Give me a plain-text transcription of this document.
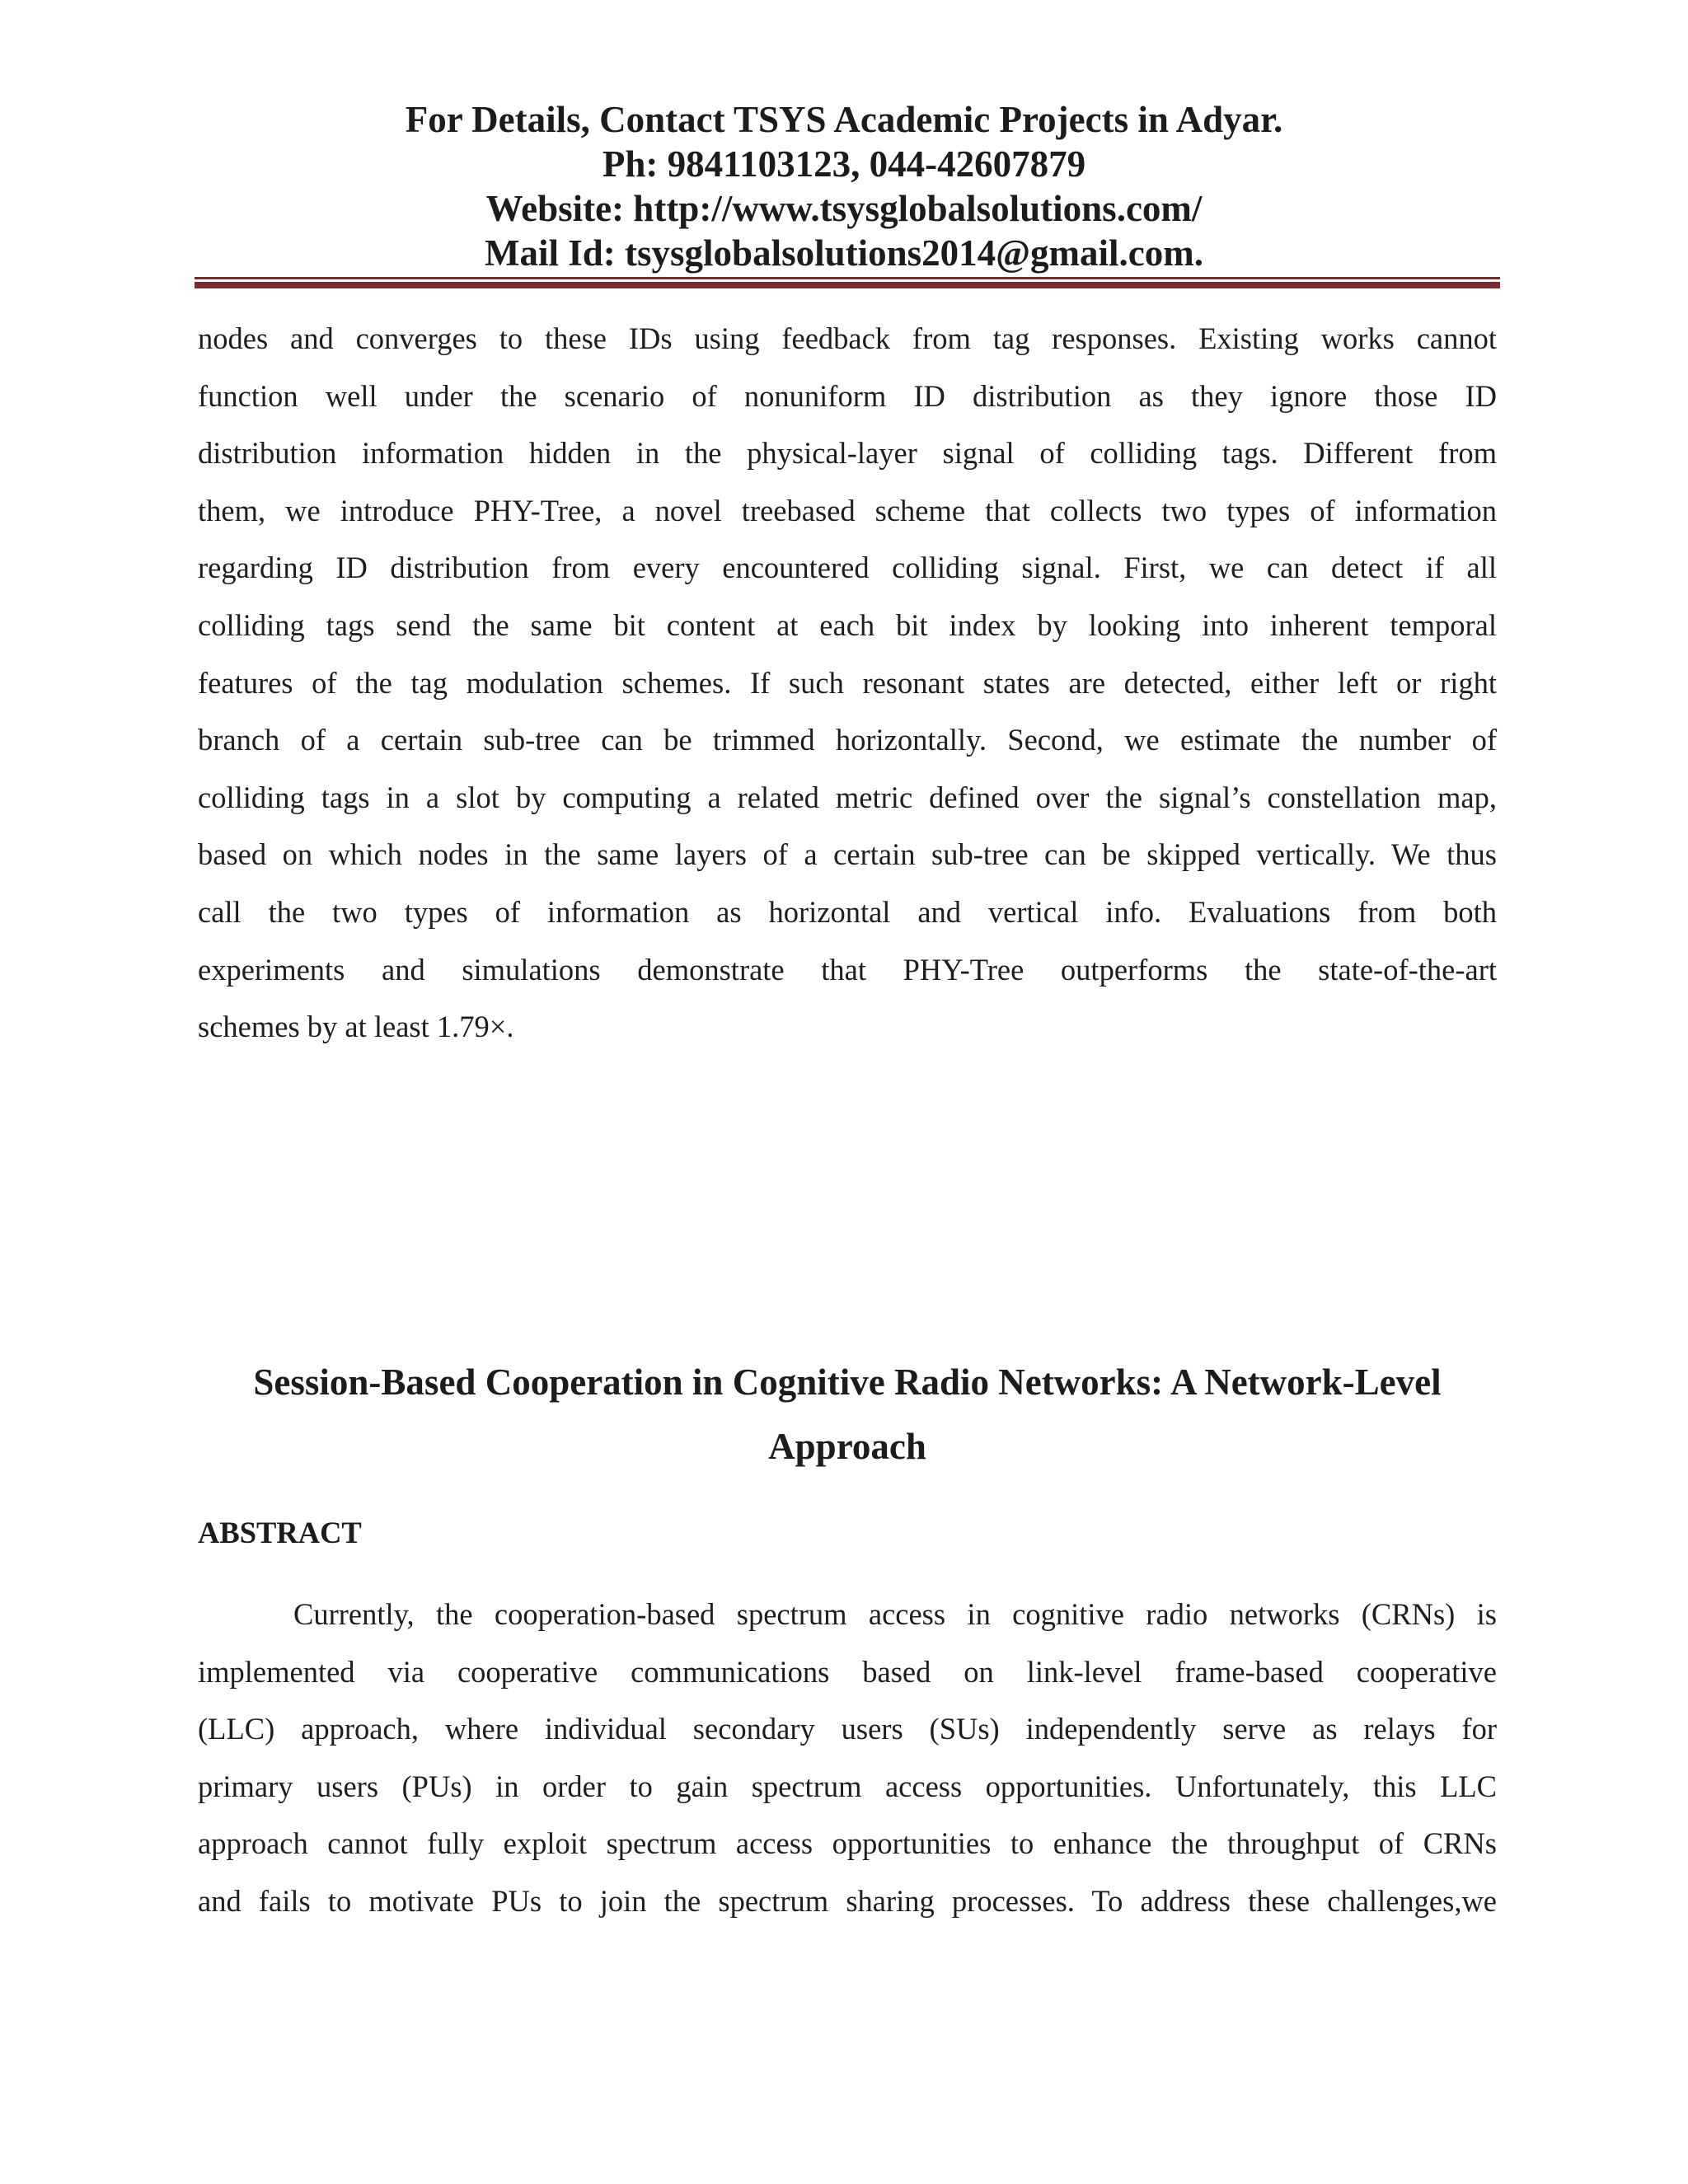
For Details, Contact TSYS Academic Projects in Adyar.
Ph: 9841103123, 044-42607879
Website: http://www.tsysglobalsolutions.com/
Mail Id: tsysglobalsolutions2014@gmail.com.
nodes and converges to these IDs using feedback from tag responses. Existing works cannot
function well under the scenario of nonuniform ID distribution as they ignore those ID
distribution information hidden in the physical-layer signal of colliding tags. Different from
them, we introduce PHY-Tree, a novel treebased scheme that collects two types of information
regarding ID distribution from every encountered colliding signal. First, we can detect if all
colliding tags send the same bit content at each bit index by looking into inherent temporal
features of the tag modulation schemes. If such resonant states are detected, either left or right
branch of a certain sub-tree can be trimmed horizontally. Second, we estimate the number of
colliding tags in a slot by computing a related metric defined over the signal’s constellation map,
based on which nodes in the same layers of a certain sub-tree can be skipped vertically. We thus
call the two types of information as horizontal and vertical info. Evaluations from both
experiments and simulations demonstrate that PHY-Tree outperforms the state-of-the-art
schemes by at least 1.79×.
Session-Based Cooperation in Cognitive Radio Networks: A Network-Level
Approach
ABSTRACT
Currently, the cooperation-based spectrum access in cognitive radio networks (CRNs) is
implemented via cooperative communications based on link-level frame-based cooperative
(LLC) approach, where individual secondary users (SUs) independently serve as relays for
primary users (PUs) in order to gain spectrum access opportunities. Unfortunately, this LLC
approach cannot fully exploit spectrum access opportunities to enhance the throughput of CRNs
and fails to motivate PUs to join the spectrum sharing processes. To address these challenges,we
